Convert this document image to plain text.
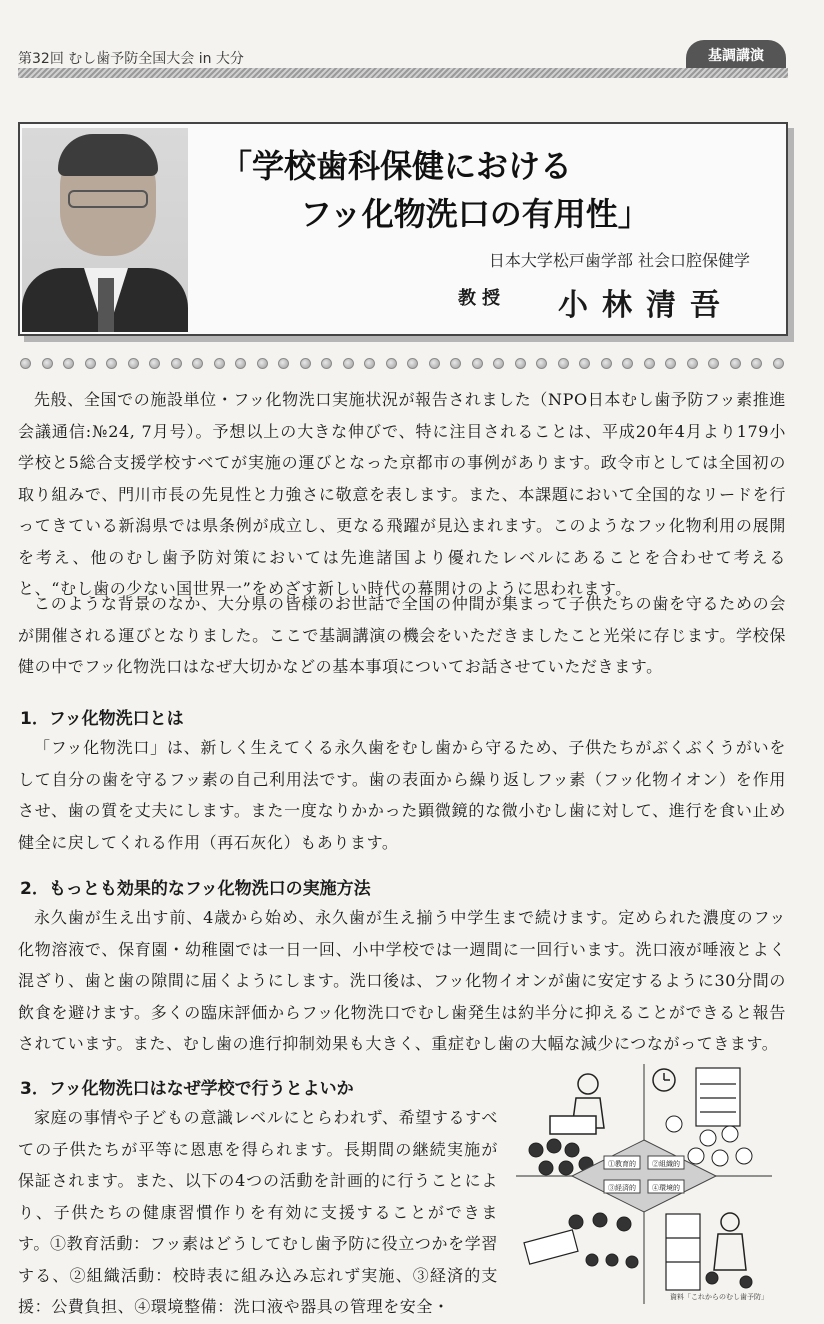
第32回 むし歯予防全国大会 in 大分	基調講演
「学校歯科保健における
フッ化物洗口の有用性」
日本大学松戸歯学部 社会口腔保健学
教授 小林清吾
先般、全国での施設単位・フッ化物洗口実施状況が報告されました（NPO日本むし歯予防フッ素推進会議通信:№24, 7月号）。予想以上の大きな伸びで、特に注目されることは、平成20年4月より179小学校と5総合支援学校すべてが実施の運びとなった京都市の事例があります。政令市としては全国初の取り組みで、門川市長の先見性と力強さに敬意を表します。また、本課題において全国的なリードを行ってきている新潟県では県条例が成立し、更なる飛躍が見込まれます。このようなフッ化物利用の展開を考え、他のむし歯予防対策においては先進諸国より優れたレベルにあることを合わせて考えると、“むし歯の少ない国世界一”をめざす新しい時代の幕開けのように思われます。
このような背景のなか、大分県の皆様のお世話で全国の仲間が集まって子供たちの歯を守るための会が開催される運びとなりました。ここで基調講演の機会をいただきましたこと光栄に存じます。学校保健の中でフッ化物洗口はなぜ大切かなどの基本事項についてお話させていただきます。
1．フッ化物洗口とは
「フッ化物洗口」は、新しく生えてくる永久歯をむし歯から守るため、子供たちがぶくぶくうがいをして自分の歯を守るフッ素の自己利用法です。歯の表面から繰り返しフッ素（フッ化物イオン）を作用させ、歯の質を丈夫にします。また一度なりかかった顕微鏡的な微小むし歯に対して、進行を食い止め健全に戻してくれる作用（再石灰化）もあります。
2．もっとも効果的なフッ化物洗口の実施方法
永久歯が生え出す前、4歳から始め、永久歯が生え揃う中学生まで続けます。定められた濃度のフッ化物溶液で、保育園・幼稚園では一日一回、小中学校では一週間に一回行います。洗口液が唾液とよく混ざり、歯と歯の隙間に届くようにします。洗口後は、フッ化物イオンが歯に安定するように30分間の飲食を避けます。多くの臨床評価からフッ化物洗口でむし歯発生は約半分に抑えることができると報告されています。また、むし歯の進行抑制効果も大きく、重症むし歯の大幅な減少につながってきます。
3．フッ化物洗口はなぜ学校で行うとよいか
家庭の事情や子どもの意識レベルにとらわれず、希望するすべての子供たちが平等に恩恵を得られます。長期間の継続実施が保証されます。また、以下の4つの活動を計画的に行うことにより、子供たちの健康習慣作りを有効に支援することができます。①教育活動：フッ素はどうしてむし歯予防に役立つかを学習する、②組織活動：校時表に組み込み忘れず実施、③経済的支援：公費負担、④環境整備：洗口液や器具の管理を安全・
①教育的 ②組織的
③経済的 ④環境的
資料「これからのむし歯予防」
